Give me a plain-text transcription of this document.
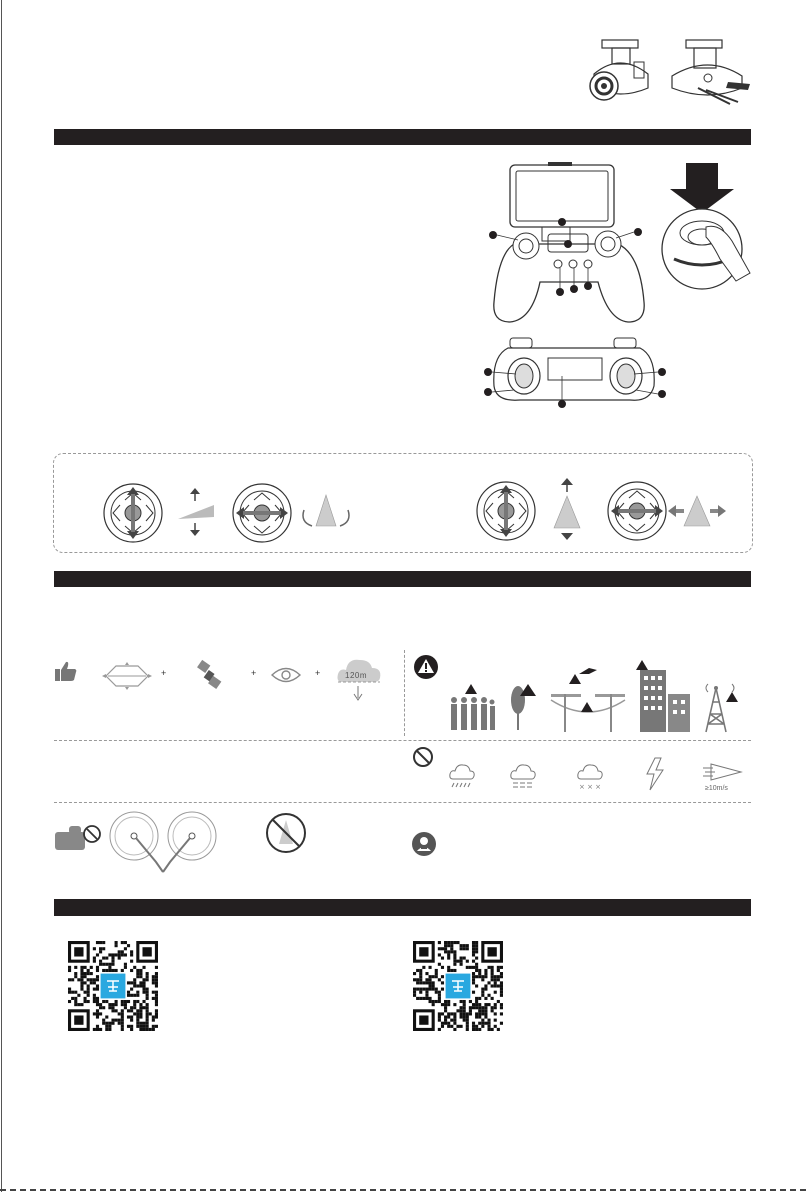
+	+	+	120m
× × ×	≥10m/s
